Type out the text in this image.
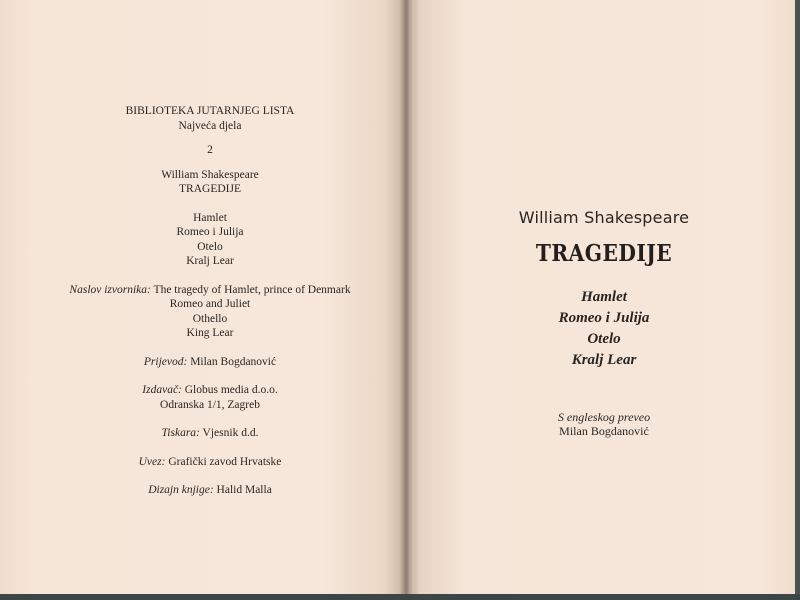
BIBLIOTEKA JUTARNJEG LISTA
Najveća djela
2
William Shakespeare
TRAGEDIJE
Hamlet
Romeo i Julija
Otelo
Kralj Lear
Naslov izvornika: The tragedy of Hamlet, prince of Denmark
Romeo and Juliet
Othello
King Lear
Prijevod: Milan Bogdanović
Izdavač: Globus media d.o.o.
Odranska 1/1, Zagreb
Tiskara: Vjesnik d.d.
Uvez: Grafički zavod Hrvatske
Dizajn knjige: Halid Malla
William Shakespeare
TRAGEDIJE
Hamlet
Romeo i Julija
Otelo
Kralj Lear
S engleskog preveo
Milan Bogdanović
